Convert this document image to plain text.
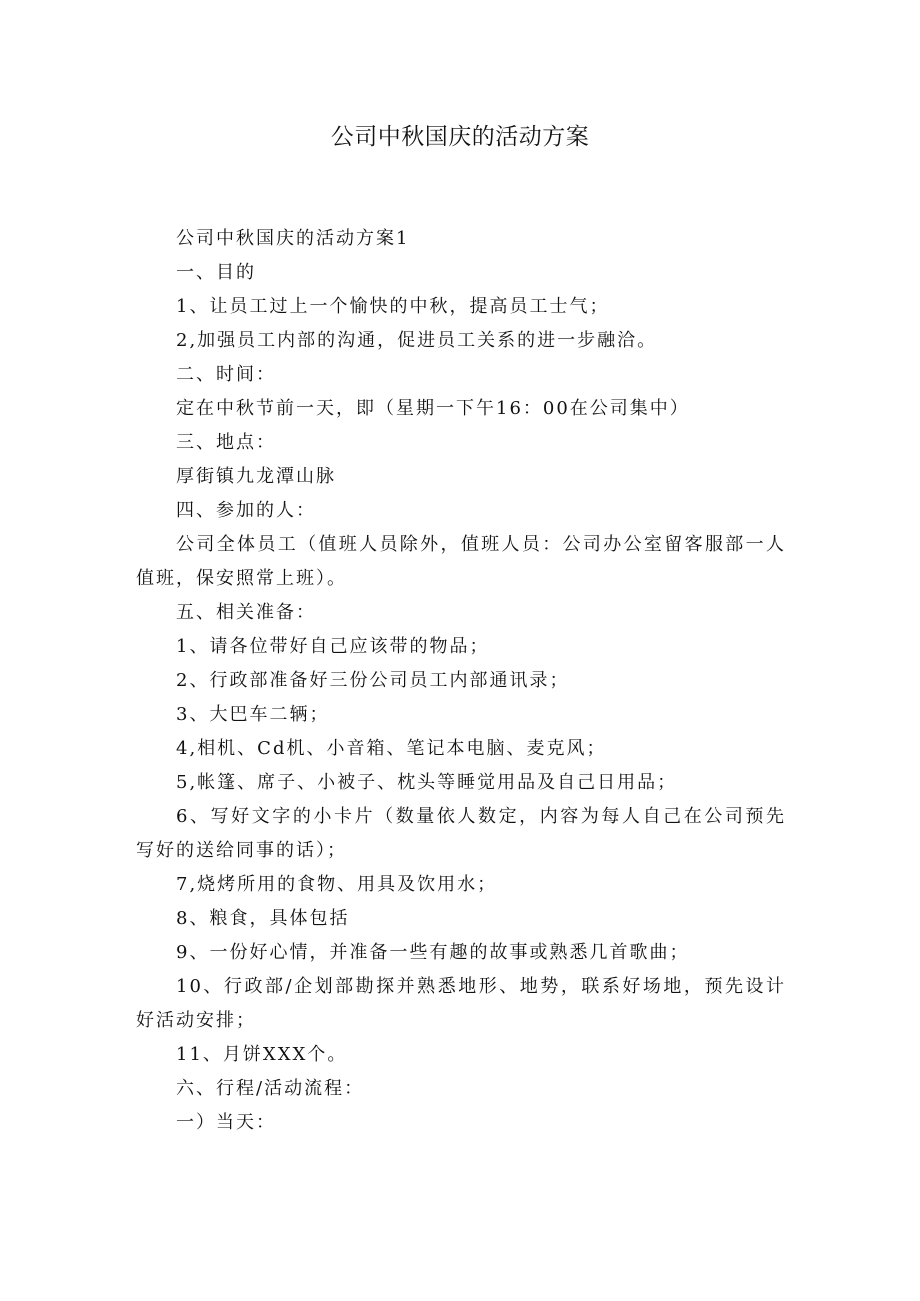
公司中秋国庆的活动方案

公司中秋国庆的活动方案1

一、目的

1、让员工过上一个愉快的中秋，提高员工士气；

2,加强员工内部的沟通，促进员工关系的进一步融洽。

二、时间：

定在中秋节前一天，即（星期一下午16：00在公司集中）

三、地点：

厚街镇九龙潭山脉

四、参加的人：

公司全体员工（值班人员除外，值班人员：公司办公室留客服部一人值班，保安照常上班）。

五、相关准备：

1、请各位带好自己应该带的物品；

2、行政部准备好三份公司员工内部通讯录；

3、大巴车二辆；

4,相机、Cd机、小音箱、笔记本电脑、麦克风；

5,帐篷、席子、小被子、枕头等睡觉用品及自己日用品；

6、写好文字的小卡片（数量依人数定，内容为每人自己在公司预先写好的送给同事的话）；

7,烧烤所用的食物、用具及饮用水；

8、粮食，具体包括

9、一份好心情，并准备一些有趣的故事或熟悉几首歌曲；

10、行政部/企划部勘探并熟悉地形、地势，联系好场地，预先设计好活动安排；

11、月饼XXX个。

六、行程/活动流程：

一）当天：
